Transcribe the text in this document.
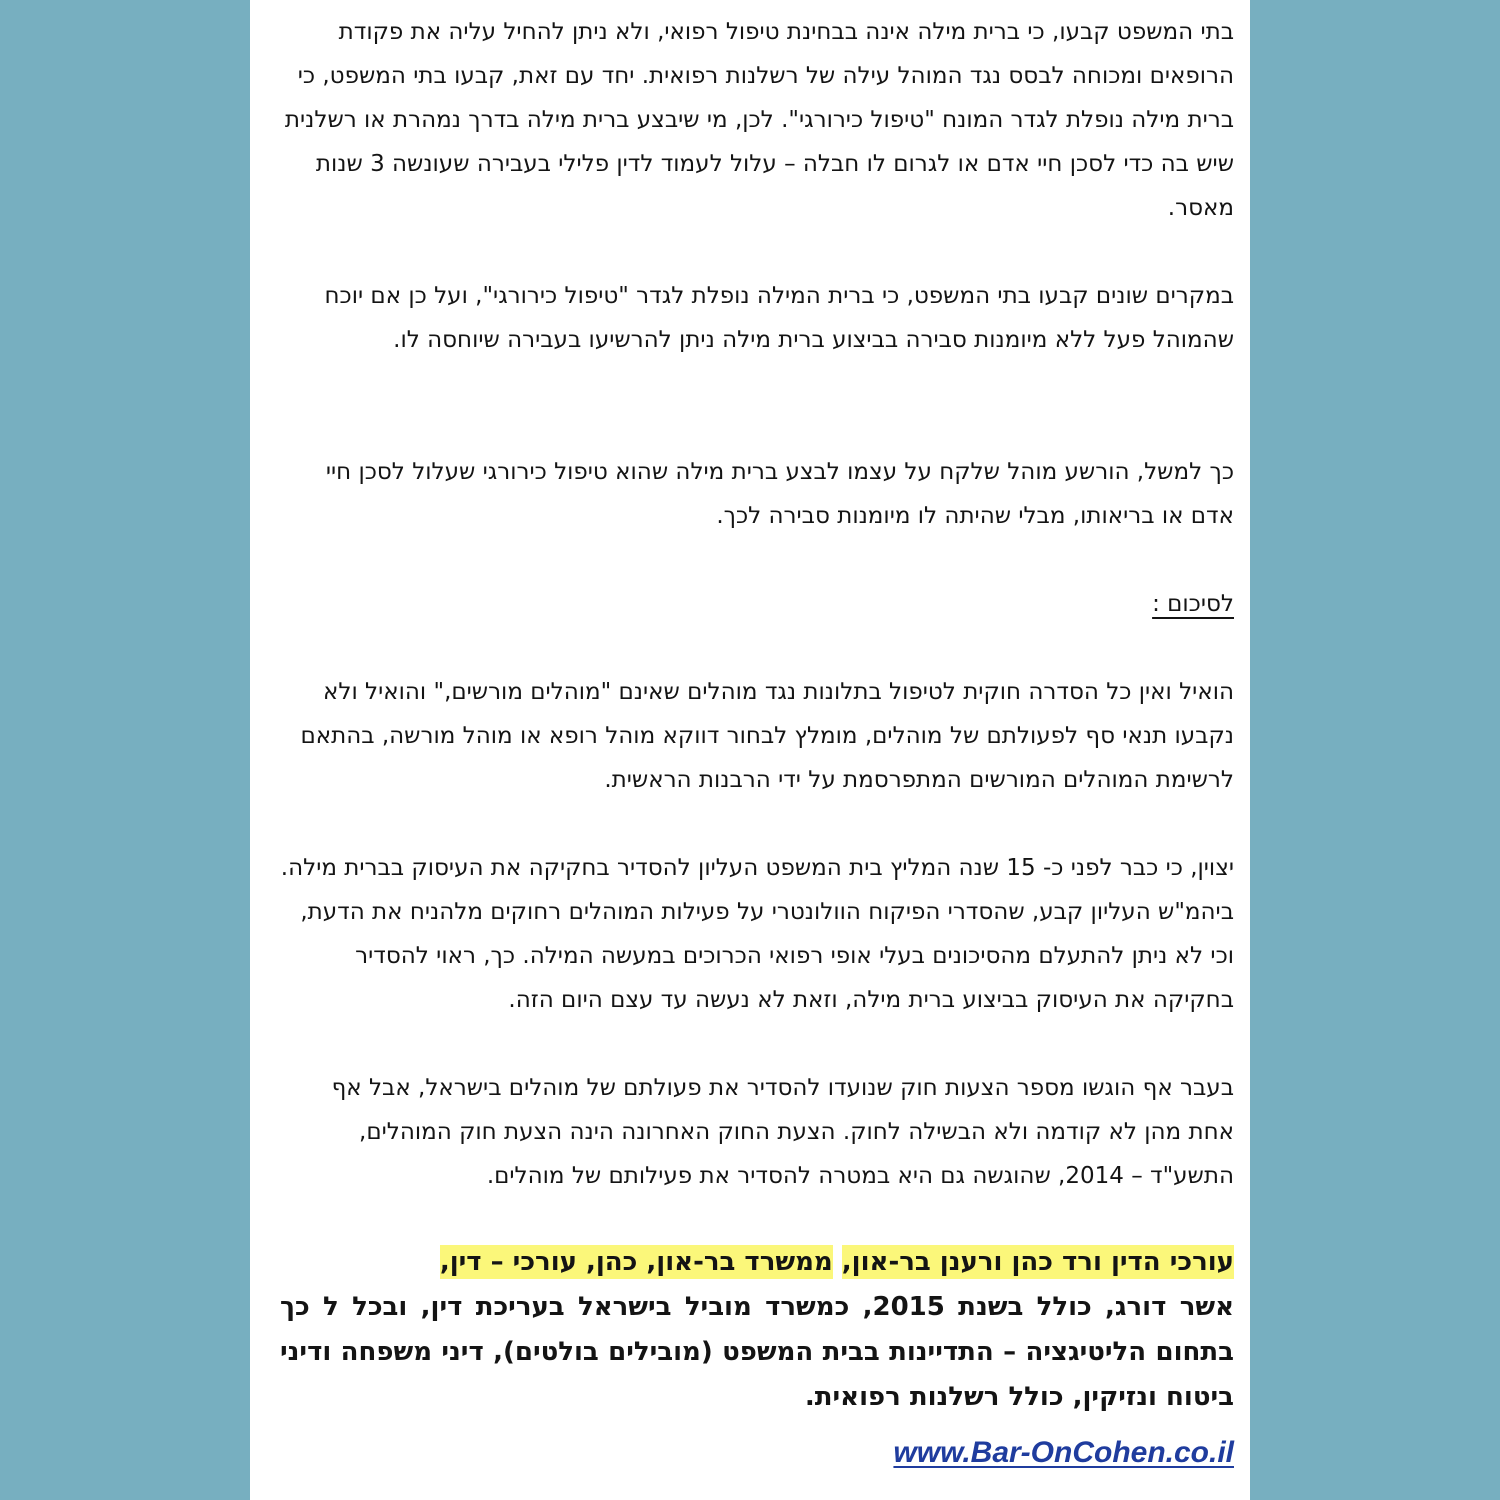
בתי המשפט קבעו, כי ברית מילה אינה בבחינת טיפול רפואי, ולא ניתן להחיל עליה את פקודת הרופאים ומכוחה לבסס נגד המוהל עילה של רשלנות רפואית. יחד עם זאת, קבעו בתי המשפט, כי ברית מילה נופלת לגדר המונח "טיפול כירורגי". לכן, מי שיבצע ברית מילה בדרך נמהרת או רשלנית שיש בה כדי לסכן חיי אדם או לגרום לו חבלה – עלול לעמוד לדין פלילי בעבירה שעונשה 3 שנות מאסר.

במקרים שונים קבעו בתי המשפט, כי ברית המילה נופלת לגדר "טיפול כירורגי", ועל כן אם יוכח שהמוהל פעל ללא מיומנות סבירה בביצוע ברית מילה ניתן להרשיעו בעבירה שיוחסה לו.

כך למשל, הורשע מוהל שלקח על עצמו לבצע ברית מילה שהוא טיפול כירורגי שעלול לסכן חיי אדם או בריאותו, מבלי שהיתה לו מיומנות סבירה לכך.

לסיכום :

הואיל ואין כל הסדרה חוקית לטיפול בתלונות נגד מוהלים שאינם "מוהלים מורשים," והואיל ולא נקבעו תנאי סף לפעולתם של מוהלים, מומלץ לבחור דווקא מוהל רופא או מוהל מורשה, בהתאם לרשימת המוהלים המורשים המתפרסמת על ידי הרבנות הראשית.

יצוין, כי כבר לפני כ- 15 שנה המליץ בית המשפט העליון להסדיר בחקיקה את העיסוק בברית מילה. ביהמ"ש העליון קבע, שהסדרי הפיקוח הוולונטרי על פעילות המוהלים רחוקים מלהניח את הדעת, וכי לא ניתן להתעלם מהסיכונים בעלי אופי רפואי הכרוכים במעשה המילה. כך, ראוי להסדיר בחקיקה את העיסוק בביצוע ברית מילה, וזאת לא נעשה עד עצם היום הזה.

בעבר אף הוגשו מספר הצעות חוק שנועדו להסדיר את פעולתם של מוהלים בישראל, אבל אף אחת מהן לא קודמה ולא הבשילה לחוק. הצעת החוק האחרונה הינה הצעת חוק המוהלים, התשע"ד – 2014, שהוגשה גם היא במטרה להסדיר את פעילותם של מוהלים.

עורכי הדין ורד כהן ורענן בר-און, ממשרד בר-און, כהן, עורכי – דין,

אשר דורג, כולל בשנת 2015, כמשרד מוביל בישראל בעריכת דין, ובכל ל כך בתחום הליטיגציה – התדיינות בבית המשפט (מובילים בולטים), דיני משפחה ודיני ביטוח ונזיקין, כולל רשלנות רפואית.

www.Bar-OnCohen.co.il
